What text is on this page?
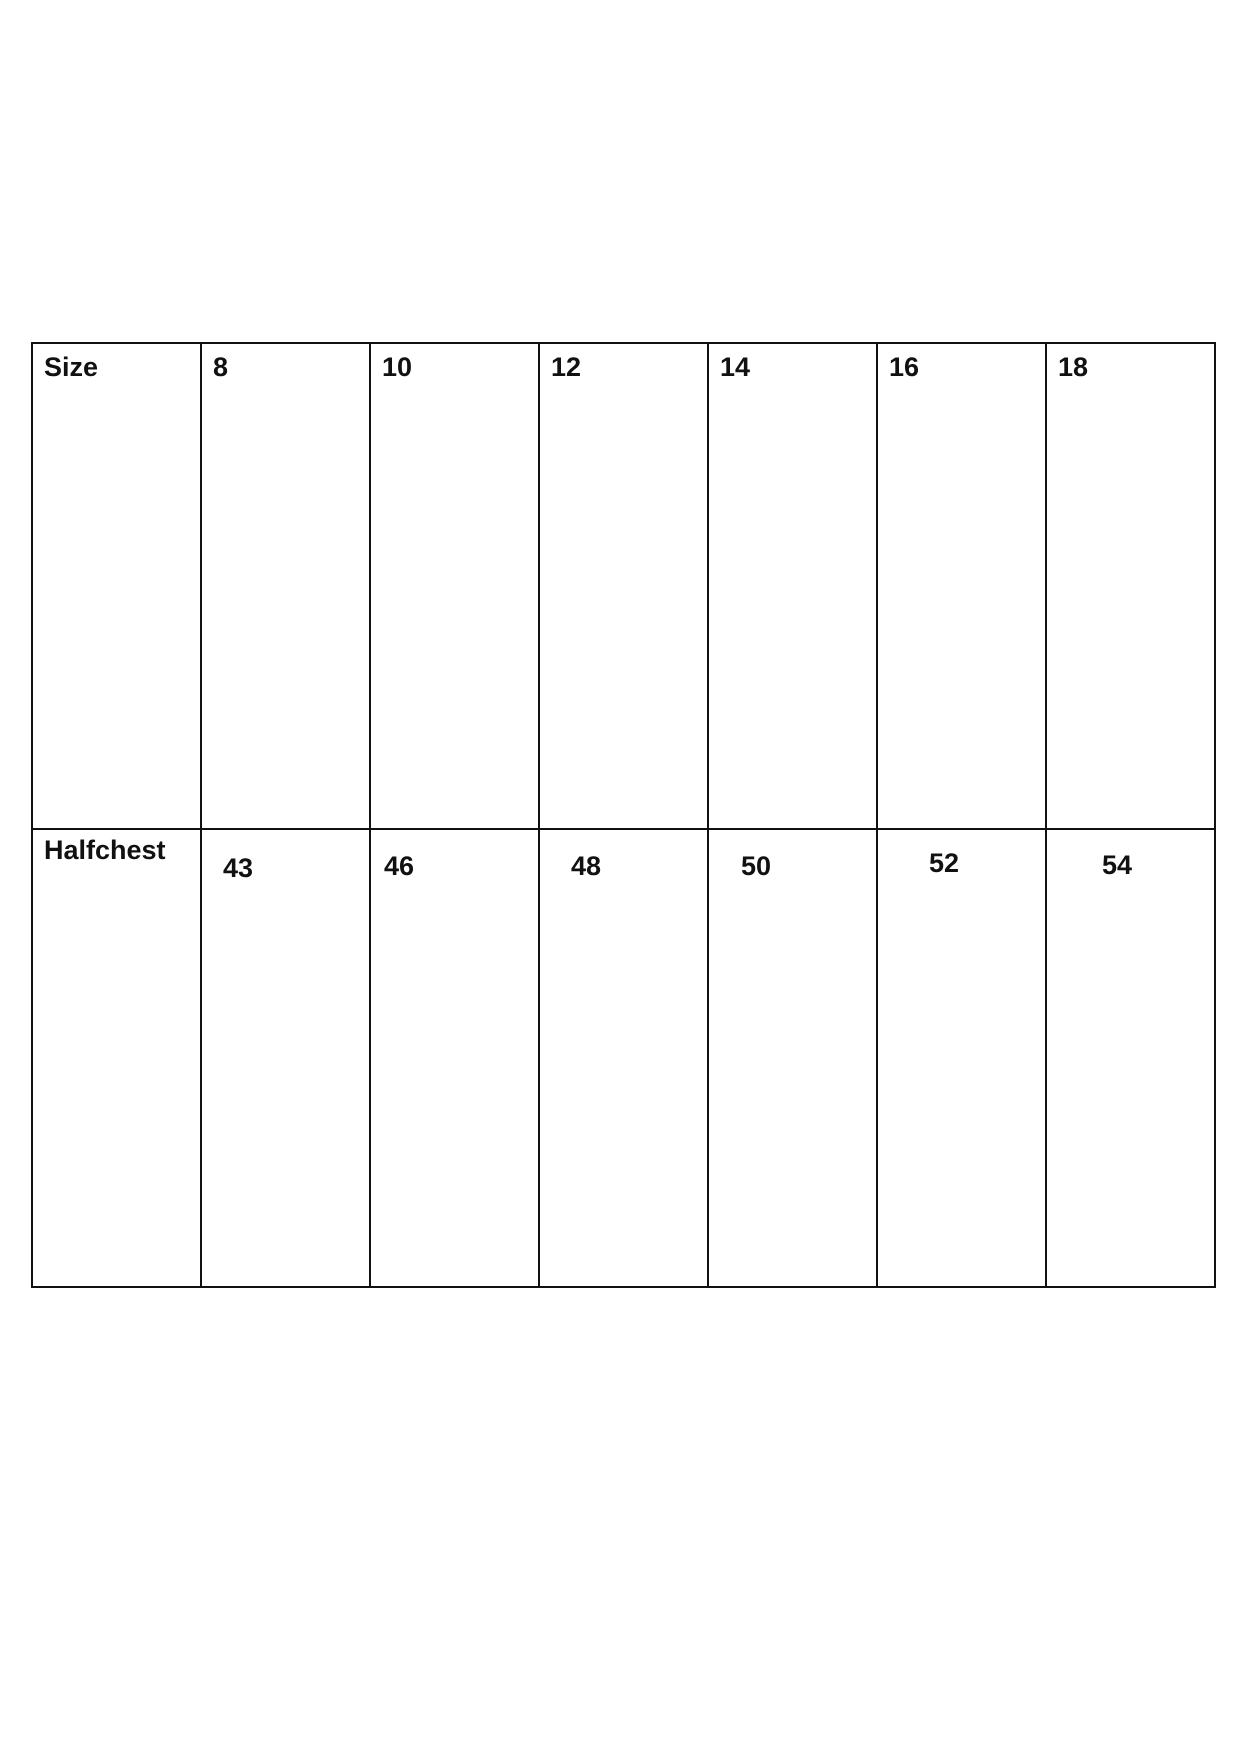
Size	8	10	12	14	16	18

Halfchest	43	46	48	50	52	54
